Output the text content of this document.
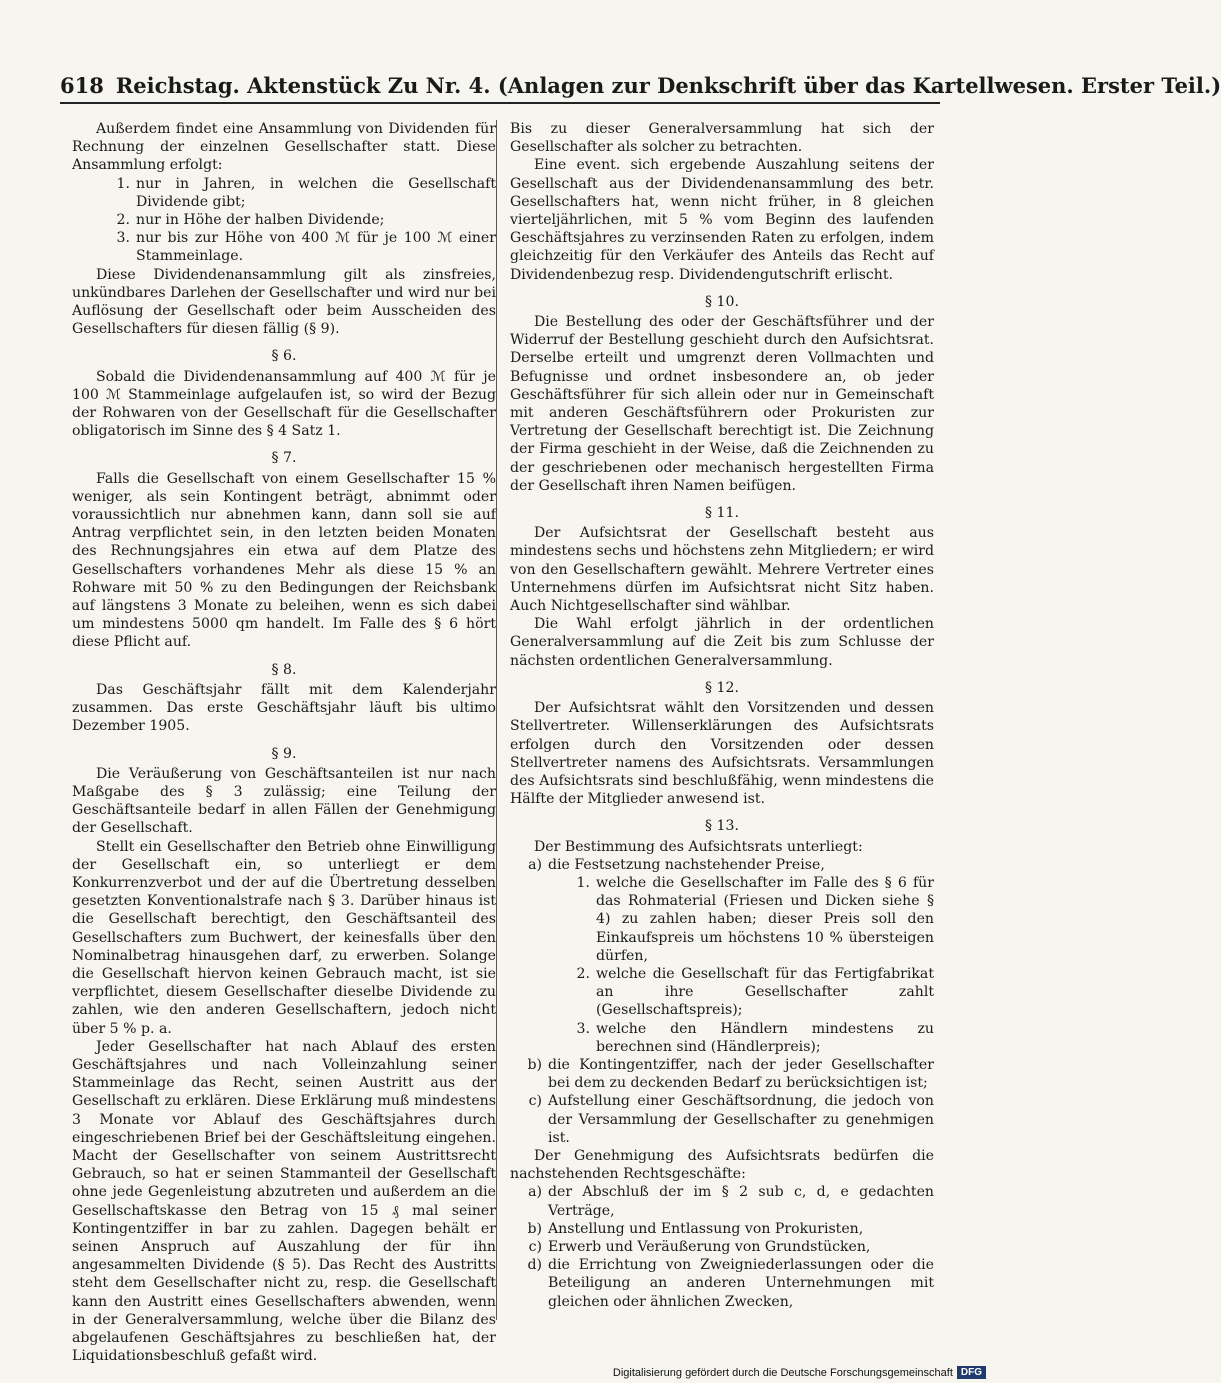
618 Reichstag. Aktenstück Zu Nr. 4. (Anlagen zur Denkschrift über das Kartellwesen. Erster Teil.)

Außerdem findet eine Ansammlung von Dividenden für Rechnung der einzelnen Gesellschafter statt. Diese Ansammlung erfolgt:

1. nur in Jahren, in welchen die Gesellschaft Dividende gibt;
2. nur in Höhe der halben Dividende;
3. nur bis zur Höhe von 400 ℳ für je 100 ℳ einer Stammeinlage.

Diese Dividendenansammlung gilt als zinsfreies, unkündbares Darlehen der Gesellschafter und wird nur bei Auflösung der Gesellschaft oder beim Ausscheiden des Gesellschafters für diesen fällig (§ 9).

§ 6.

Sobald die Dividendenansammlung auf 400 ℳ für je 100 ℳ Stammeinlage aufgelaufen ist, so wird der Bezug der Rohwaren von der Gesellschaft für die Gesellschafter obligatorisch im Sinne des § 4 Satz 1.

§ 7.

Falls die Gesellschaft von einem Gesellschafter 15 % weniger, als sein Kontingent beträgt, abnimmt oder voraussichtlich nur abnehmen kann, dann soll sie auf Antrag verpflichtet sein, in den letzten beiden Monaten des Rechnungsjahres ein etwa auf dem Platze des Gesellschafters vorhandenes Mehr als diese 15 % an Rohware mit 50 % zu den Bedingungen der Reichsbank auf längstens 3 Monate zu beleihen, wenn es sich dabei um mindestens 5000 qm handelt. Im Falle des § 6 hört diese Pflicht auf.

§ 8.

Das Geschäftsjahr fällt mit dem Kalenderjahr zusammen. Das erste Geschäftsjahr läuft bis ultimo Dezember 1905.

§ 9.

Die Veräußerung von Geschäftsanteilen ist nur nach Maßgabe des § 3 zulässig; eine Teilung der Geschäftsanteile bedarf in allen Fällen der Genehmigung der Gesellschaft.

Stellt ein Gesellschafter den Betrieb ohne Einwilligung der Gesellschaft ein, so unterliegt er dem Konkurrenzverbot und der auf die Übertretung desselben gesetzten Konventionalstrafe nach § 3. Darüber hinaus ist die Gesellschaft berechtigt, den Geschäftsanteil des Gesellschafters zum Buchwert, der keinesfalls über den Nominalbetrag hinausgehen darf, zu erwerben. Solange die Gesellschaft hiervon keinen Gebrauch macht, ist sie verpflichtet, diesem Gesellschafter dieselbe Dividende zu zahlen, wie den anderen Gesellschaftern, jedoch nicht über 5 % p. a.

Jeder Gesellschafter hat nach Ablauf des ersten Geschäftsjahres und nach Volleinzahlung seiner Stammeinlage das Recht, seinen Austritt aus der Gesellschaft zu erklären. Diese Erklärung muß mindestens 3 Monate vor Ablauf des Geschäftsjahres durch eingeschriebenen Brief bei der Geschäftsleitung eingehen. Macht der Gesellschafter von seinem Austrittsrecht Gebrauch, so hat er seinen Stammanteil der Gesellschaft ohne jede Gegenleistung abzutreten und außerdem an die Gesellschaftskasse den Betrag von 15 ₰ mal seiner Kontingentziffer in bar zu zahlen. Dagegen behält er seinen Anspruch auf Auszahlung der für ihn angesammelten Dividende (§ 5). Das Recht des Austritts steht dem Gesellschafter nicht zu, resp. die Gesellschaft kann den Austritt eines Gesellschafters abwenden, wenn in der Generalversammlung, welche über die Bilanz des abgelaufenen Geschäftsjahres zu beschließen hat, der Liquidationsbeschluß gefaßt wird.

Bis zu dieser Generalversammlung hat sich der Gesellschafter als solcher zu betrachten.

Eine event. sich ergebende Auszahlung seitens der Gesellschaft aus der Dividendenansammlung des betr. Gesellschafters hat, wenn nicht früher, in 8 gleichen vierteljährlichen, mit 5 % vom Beginn des laufenden Geschäftsjahres zu verzinsenden Raten zu erfolgen, indem gleichzeitig für den Verkäufer des Anteils das Recht auf Dividendenbezug resp. Dividendengutschrift erlischt.

§ 10.

Die Bestellung des oder der Geschäftsführer und der Widerruf der Bestellung geschieht durch den Aufsichtsrat. Derselbe erteilt und umgrenzt deren Vollmachten und Befugnisse und ordnet insbesondere an, ob jeder Geschäftsführer für sich allein oder nur in Gemeinschaft mit anderen Geschäftsführern oder Prokuristen zur Vertretung der Gesellschaft berechtigt ist. Die Zeichnung der Firma geschieht in der Weise, daß die Zeichnenden zu der geschriebenen oder mechanisch hergestellten Firma der Gesellschaft ihren Namen beifügen.

§ 11.

Der Aufsichtsrat der Gesellschaft besteht aus mindestens sechs und höchstens zehn Mitgliedern; er wird von den Gesellschaftern gewählt. Mehrere Vertreter eines Unternehmens dürfen im Aufsichtsrat nicht Sitz haben. Auch Nichtgesellschafter sind wählbar.

Die Wahl erfolgt jährlich in der ordentlichen Generalversammlung auf die Zeit bis zum Schlusse der nächsten ordentlichen Generalversammlung.

§ 12.

Der Aufsichtsrat wählt den Vorsitzenden und dessen Stellvertreter. Willenserklärungen des Aufsichtsrats erfolgen durch den Vorsitzenden oder dessen Stellvertreter namens des Aufsichtsrats. Versammlungen des Aufsichtsrats sind beschlußfähig, wenn mindestens die Hälfte der Mitglieder anwesend ist.

§ 13.

Der Bestimmung des Aufsichtsrats unterliegt:

a) die Festsetzung nachstehender Preise,
1. welche die Gesellschafter im Falle des § 6 für das Rohmaterial (Friesen und Dicken siehe § 4) zu zahlen haben; dieser Preis soll den Einkaufspreis um höchstens 10 % übersteigen dürfen,
2. welche die Gesellschaft für das Fertigfabrikat an ihre Gesellschafter zahlt (Gesellschaftspreis);
3. welche den Händlern mindestens zu berechnen sind (Händlerpreis);
b) die Kontingentziffer, nach der jeder Gesellschafter bei dem zu deckenden Bedarf zu berücksichtigen ist;
c) Aufstellung einer Geschäftsordnung, die jedoch von der Versammlung der Gesellschafter zu genehmigen ist.

Der Genehmigung des Aufsichtsrats bedürfen die nachstehenden Rechtsgeschäfte:

a) der Abschluß der im § 2 sub c, d, e gedachten Verträge,
b) Anstellung und Entlassung von Prokuristen,
c) Erwerb und Veräußerung von Grundstücken,
d) die Errichtung von Zweigniederlassungen oder die Beteiligung an anderen Unternehmungen mit gleichen oder ähnlichen Zwecken,
Digitalisierung gefördert durch die Deutsche Forschungsgemeinschaft DFG
